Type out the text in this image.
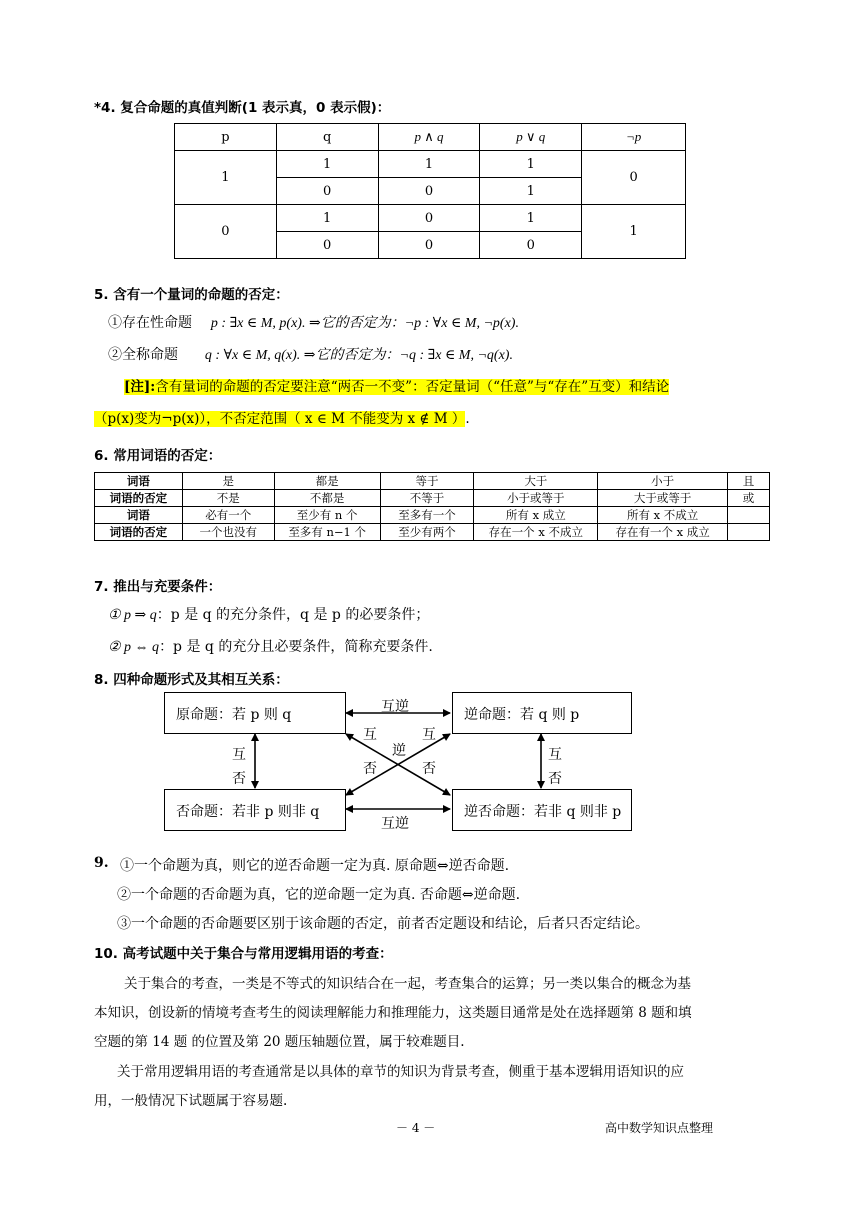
*4. 复合命题的真值判断(1 表示真，0 表示假)：
p	q	p ∧ q	p ∨ q	¬p
1	1	1	1	0
	0	0	1	
0	1	0	1	1
	0	0	0	
5. 含有一个量词的命题的否定：
①存在性命题 p : ∃x ∈ M, p(x). ⇒它的否定为：¬p : ∀x ∈ M, ¬p(x).
②全称命题 q : ∀x ∈ M, q(x). ⇒它的否定为：¬q : ∃x ∈ M, ¬q(x).
[注]:含有量词的命题的否定要注意“两否一不变”：否定量词（“任意”与“存在”互变）和结论
（p(x)变为¬p(x)），不否定范围（ x ∈ M 不能变为 x ∉ M ）.
6. 常用词语的否定：
词语	是	都是	等于	大于	小于	且
词语的否定	不是	不都是	不等于	小于或等于	大于或等于	或
词语	必有一个	至少有 n 个	至多有一个	所有 x 成立	所有 x 不成立	
词语的否定	一个也没有	至多有 n−1 个	至少有两个	存在一个 x 不成立	存在有一个 x 成立	
7. 推出与充要条件：
① p ⇒ q：p 是 q 的充分条件，q 是 p 的必要条件；
② p ⇔ q：p 是 q 的充分且必要条件，简称充要条件.
8. 四种命题形式及其相互关系：
原命题：若 p 则 q	逆命题：若 q 则 p
否命题：若非 p 则非 q	逆否命题：若非 q 则非 p
互逆
互逆
互
否
互
否
互	互
逆
否	否
9. ①一个命题为真，则它的逆否命题一定为真. 原命题⇔逆否命题.
②一个命题的否命题为真，它的逆命题一定为真. 否命题⇔逆命题.
③一个命题的否命题要区别于该命题的否定，前者否定题设和结论，后者只否定结论。
10. 高考试题中关于集合与常用逻辑用语的考查：
关于集合的考查，一类是不等式的知识结合在一起，考查集合的运算；另一类以集合的概念为基
本知识，创设新的情境考查考生的阅读理解能力和推理能力，这类题目通常是处在选择题第 8 题和填
空题的第 14 题 的位置及第 20 题压轴题位置，属于较难题目.
关于常用逻辑用语的考查通常是以具体的章节的知识为背景考查，侧重于基本逻辑用语知识的应
用，一般情况下试题属于容易题.
－ 4 －	高中数学知识点整理
